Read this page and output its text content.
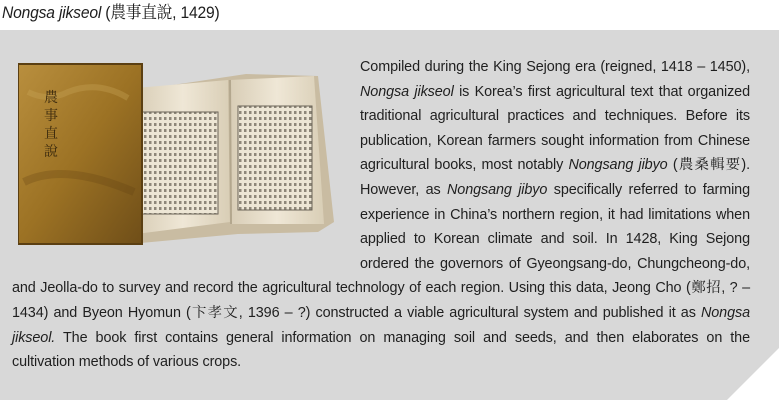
Nongsa jikseol (農事直說, 1429)
農事直說
Compiled during the King Sejong era (reigned, 1418 – 1450), Nongsa jikseol is Korea’s first agricultural text that organized traditional agricultural practices and techniques. Before its publication, Korean farmers sought information from Chinese agricultural books, most notably Nongsang jibyo (農桑輯要). However, as Nongsang jibyo specifically referred to farming experience in China’s northern region, it had limitations when applied to Korean climate and soil. In 1428, King Sejong ordered the governors of Gyeongsang-do, Chungcheong-do, and Jeolla-do to survey and record the agricultural technology of each region. Using this data, Jeong Cho (鄭招, ? – 1434) and Byeon Hyomun (卞孝文, 1396 – ?) constructed a viable agricultural system and published it as Nongsa jikseol. The book first contains general information on managing soil and seeds, and then elaborates on the cultivation methods of various crops.
